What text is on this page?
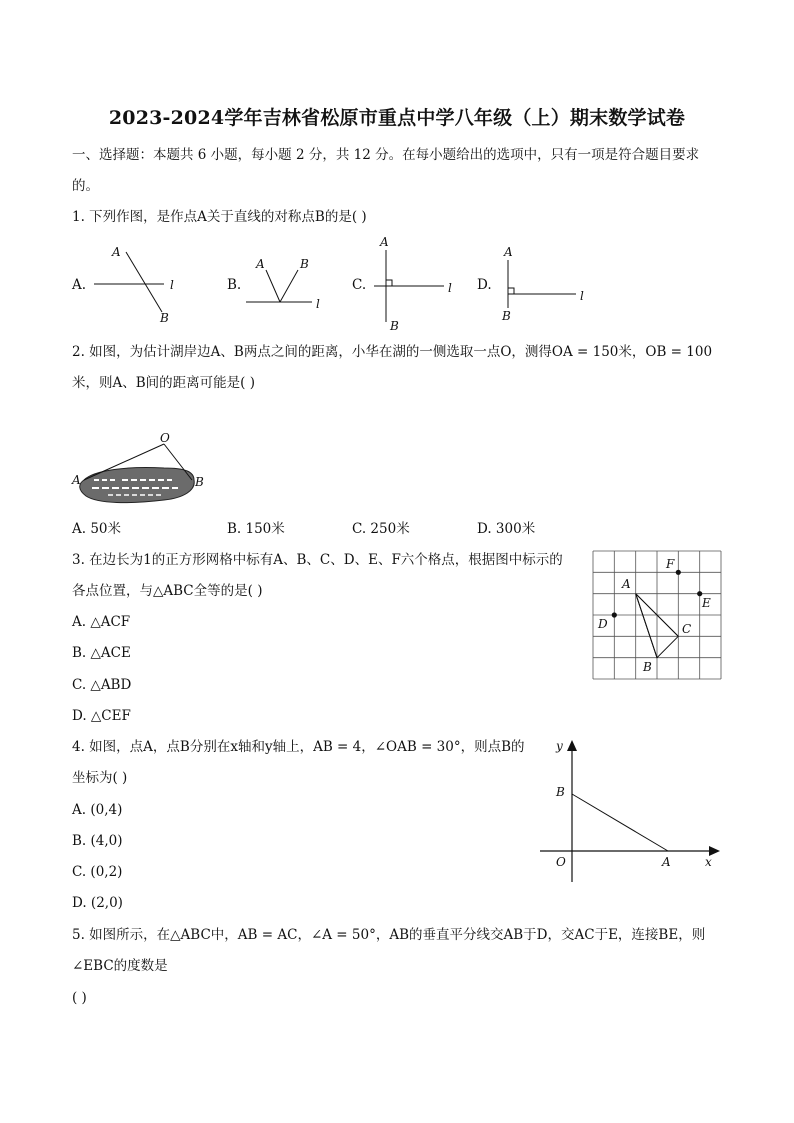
2023-2024学年吉林省松原市重点中学八年级（上）期末数学试卷
一、选择题：本题共 6 小题，每小题 2 分，共 12 分。在每小题给出的选项中，只有一项是符合题目要求
的。
1. 下列作图，是作点A关于直线的对称点B的是( )
A.
A
B
l	B.
A	B
l
C.
A
B
l D.
A
B
l
2. 如图，为估计湖岸边A、B两点之间的距离，小华在湖的一侧选取一点O，测得OA = 150米，OB = 100
米，则A、B间的距离可能是( )
O
A	B
A. 50米	B. 150米	C. 250米	D. 300米
3. 在边长为1的正方形网格中标有A、B、C、D、E、F六个格点，根据图中标示的
各点位置，与△ABC全等的是( )
A. △ACF
B. △ACE
C. △ABD
D. △CEF
A
F
E
D	C
B
4. 如图，点A，点B分别在x轴和y轴上，AB = 4，∠OAB = 30°，则点B的
坐标为( )
A. (0,4)
B. (4,0)
C. (0,2)
D. (2,0)
y
x
B
O	A
5. 如图所示，在△ABC中，AB = AC，∠A = 50°，AB的垂直平分线交AB于D，交AC于E，连接BE，则
∠EBC的度数是
( )
